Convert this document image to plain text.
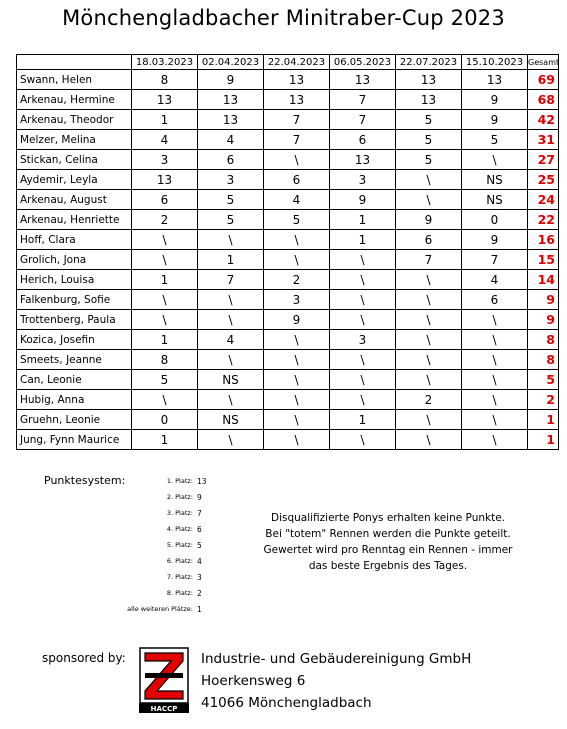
Mönchengladbacher Minitraber-Cup 2023
	18.03.2023	02.04.2023	22.04.2023	06.05.2023	22.07.2023	15.10.2023	Gesamt
Swann, Helen	8	9	13	13	13	13	69
Arkenau, Hermine	13	13	13	7	13	9	68
Arkenau, Theodor	1	13	7	7	5	9	42
Melzer, Melina	4	4	7	6	5	5	31
Stickan, Celina	3	6	\	13	5	\	27
Aydemir, Leyla	13	3	6	3	\	NS	25
Arkenau, August	6	5	4	9	\	NS	24
Arkenau, Henriette	2	5	5	1	9	0	22
Hoff, Clara	\	\	\	1	6	9	16
Grolich, Jona	\	1	\	\	7	7	15
Herich, Louisa	1	7	2	\	\	4	14
Falkenburg, Sofie	\	\	3	\	\	6	9
Trottenberg, Paula	\	\	9	\	\	\	9
Kozica, Josefin	1	4	\	3	\	\	8
Smeets, Jeanne	8	\	\	\	\	\	8
Can, Leonie	5	NS	\	\	\	\	5
Hubig, Anna	\	\	\	\	2	\	2
Gruehn, Leonie	0	NS	\	1	\	\	1
Jung, Fynn Maurice	1	\	\	\	\	\	1
Punktesystem:	1. Platz: 13
2. Platz: 9
3. Platz: 7
4. Platz: 6
5. Platz: 5
6. Platz: 4
7. Platz: 3
8. Platz: 2
alle weiteren Plätze: 1
Disqualifizierte Ponys erhalten keine Punkte.
Bei "totem" Rennen werden die Punkte geteilt.
Gewertet wird pro Renntag ein Rennen - immer
das beste Ergebnis des Tages.
sponsored by:
HACCP
Industrie- und Gebäudereinigung GmbH
Hoerkensweg 6
41066 Mönchengladbach
